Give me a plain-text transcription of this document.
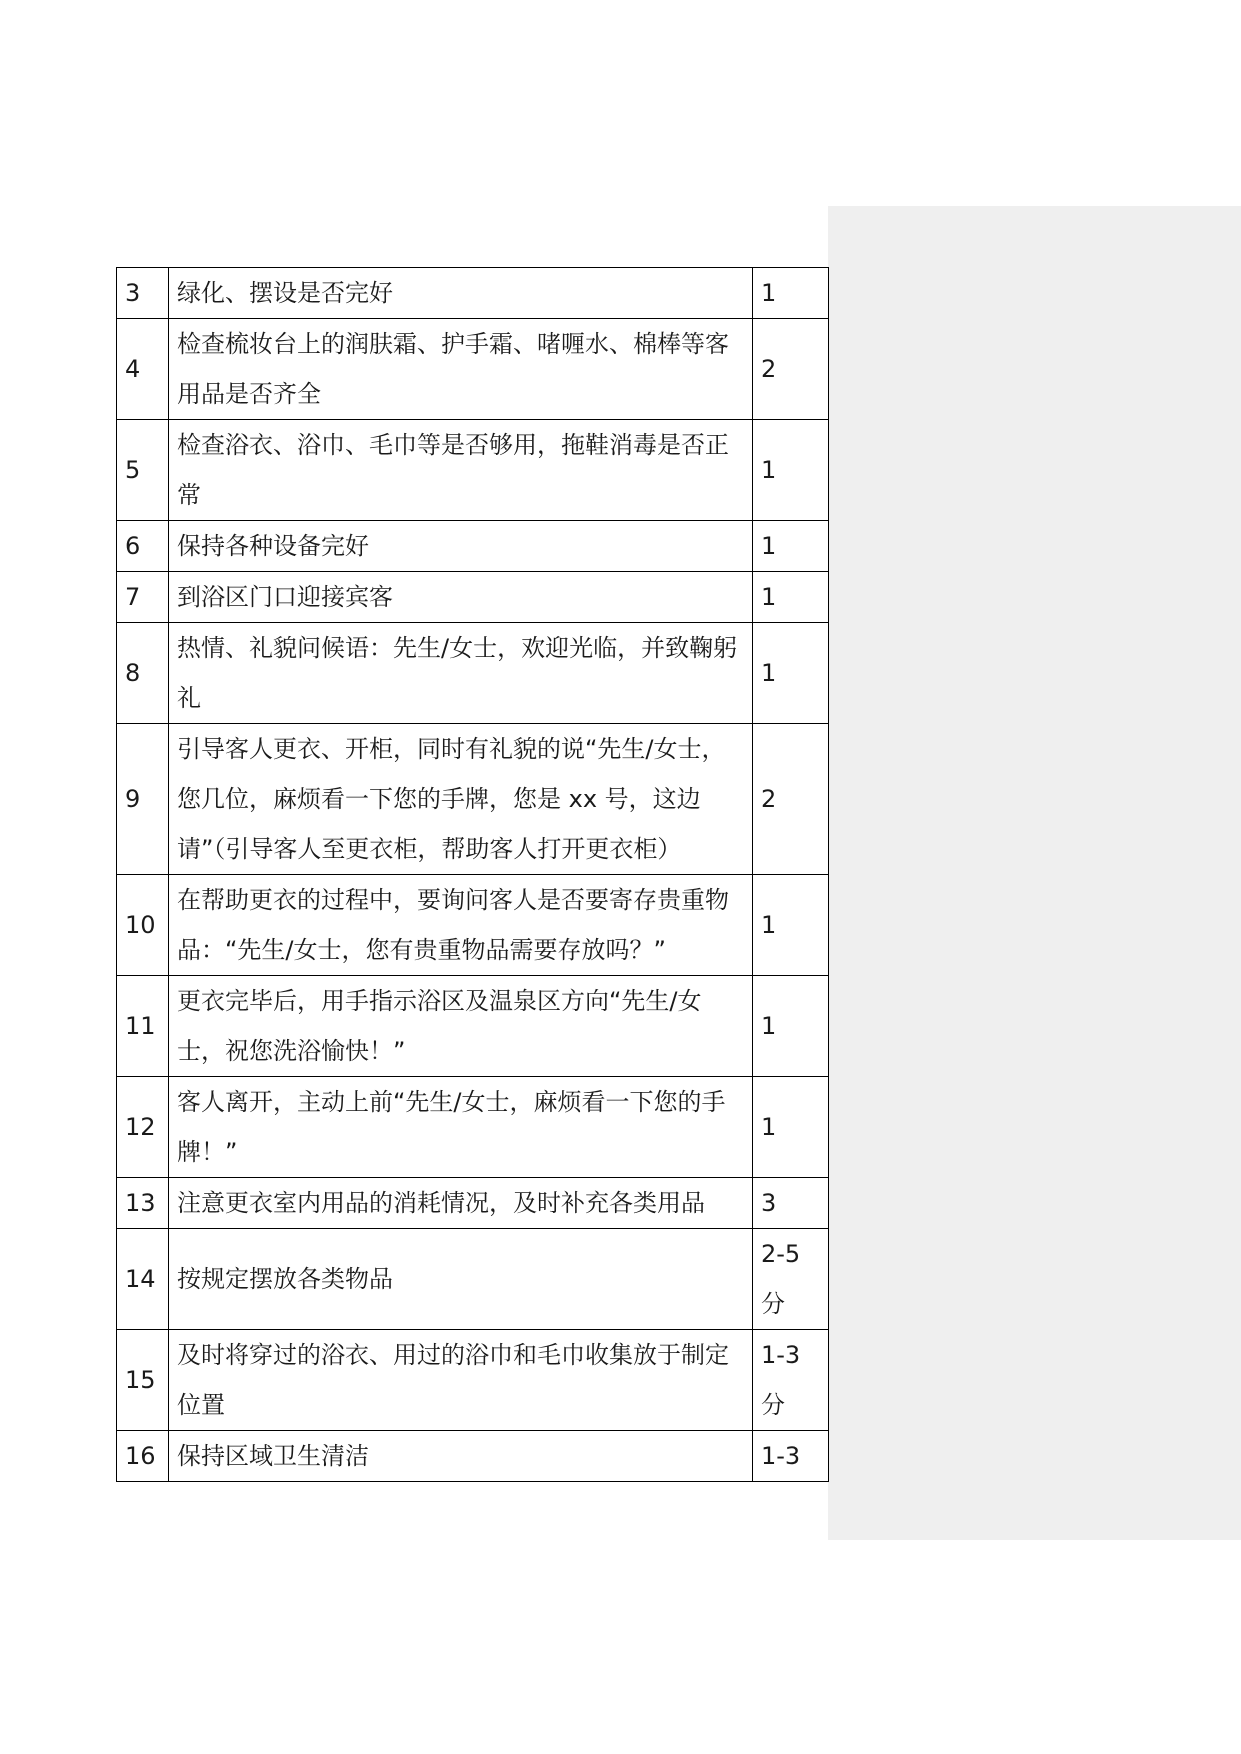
3	绿化、摆设是否完好	1
4	检查梳妆台上的润肤霜、护手霜、啫喱水、棉棒等客用品是否齐全	2
5	检查浴衣、浴巾、毛巾等是否够用，拖鞋消毒是否正常	1
6	保持各种设备完好	1
7	到浴区门口迎接宾客	1
8	热情、礼貌问候语：先生/女士，欢迎光临，并致鞠躬礼	1
9	引导客人更衣、开柜，同时有礼貌的说“先生/女士，您几位，麻烦看一下您的手牌，您是 xx 号，这边请”（引导客人至更衣柜，帮助客人打开更衣柜）	2
10	在帮助更衣的过程中，要询问客人是否要寄存贵重物品：“先生/女士，您有贵重物品需要存放吗？”	1
11	更衣完毕后，用手指示浴区及温泉区方向“先生/女士，祝您洗浴愉快！”	1
12	客人离开，主动上前“先生/女士，麻烦看一下您的手牌！”	1
13	注意更衣室内用品的消耗情况，及时补充各类用品	3
14	按规定摆放各类物品	2-5分
15	及时将穿过的浴衣、用过的浴巾和毛巾收集放于制定位置	1-3分
16	保持区域卫生清洁	1-3
